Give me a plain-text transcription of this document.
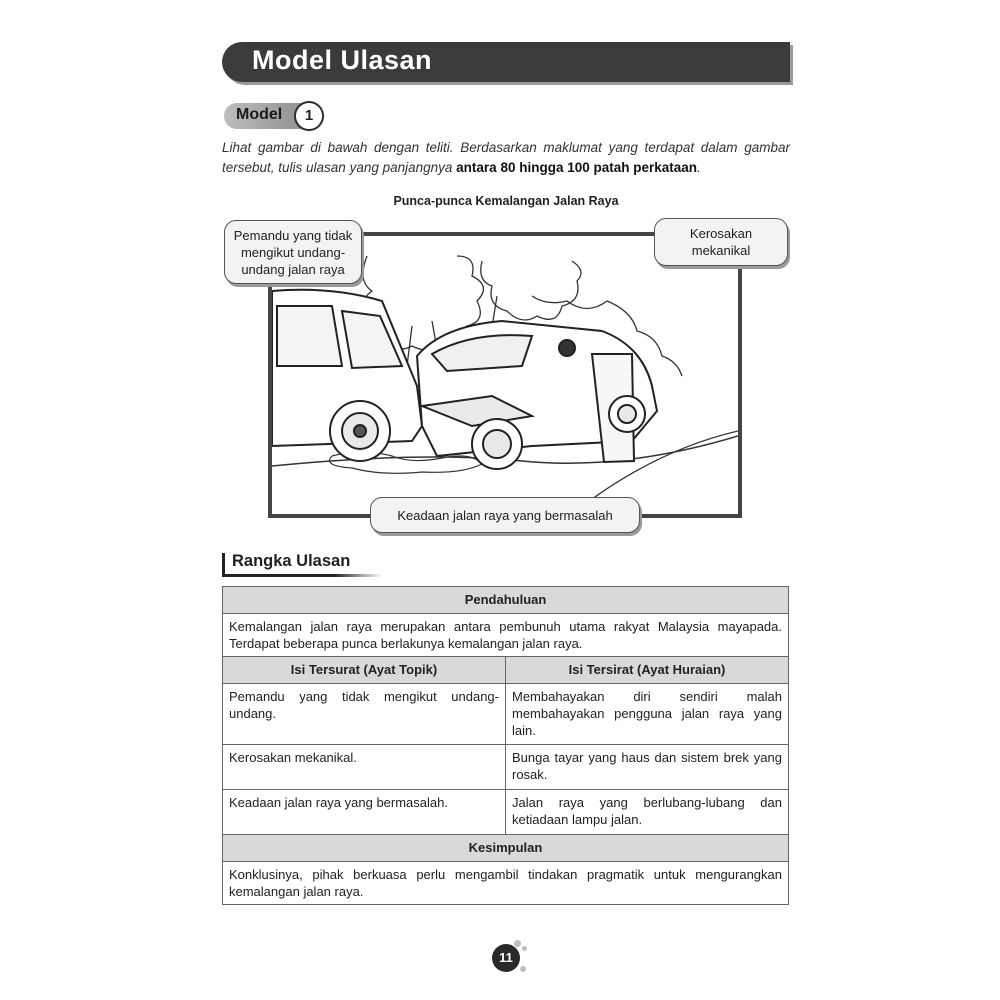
Model Ulasan
Model	1
Lihat gambar di bawah dengan teliti. Berdasarkan maklumat yang terdapat dalam gambar tersebut, tulis ulasan yang panjangnya antara 80 hingga 100 patah perkataan.
Punca-punca Kemalangan Jalan Raya
Pemandu yang tidak mengikut undang-undang jalan raya
Kerosakan mekanikal
Keadaan jalan raya yang bermasalah
Rangka Ulasan
Pendahuluan	
Kemalangan jalan raya merupakan antara pembunuh utama rakyat Malaysia mayapada. Terdapat beberapa punca berlakunya kemalangan jalan raya.	
Isi Tersurat (Ayat Topik)	Isi Tersirat (Ayat Huraian)
Pemandu yang tidak mengikut undang-undang.	Membahayakan diri sendiri malah membahayakan pengguna jalan raya yang lain.
Kerosakan mekanikal.	Bunga tayar yang haus dan sistem brek yang rosak.
Keadaan jalan raya yang bermasalah.	Jalan raya yang berlubang-lubang dan ketiadaan lampu jalan.
Kesimpulan	
Konklusinya, pihak berkuasa perlu mengambil tindakan pragmatik untuk mengurangkan kemalangan jalan raya.	
11
